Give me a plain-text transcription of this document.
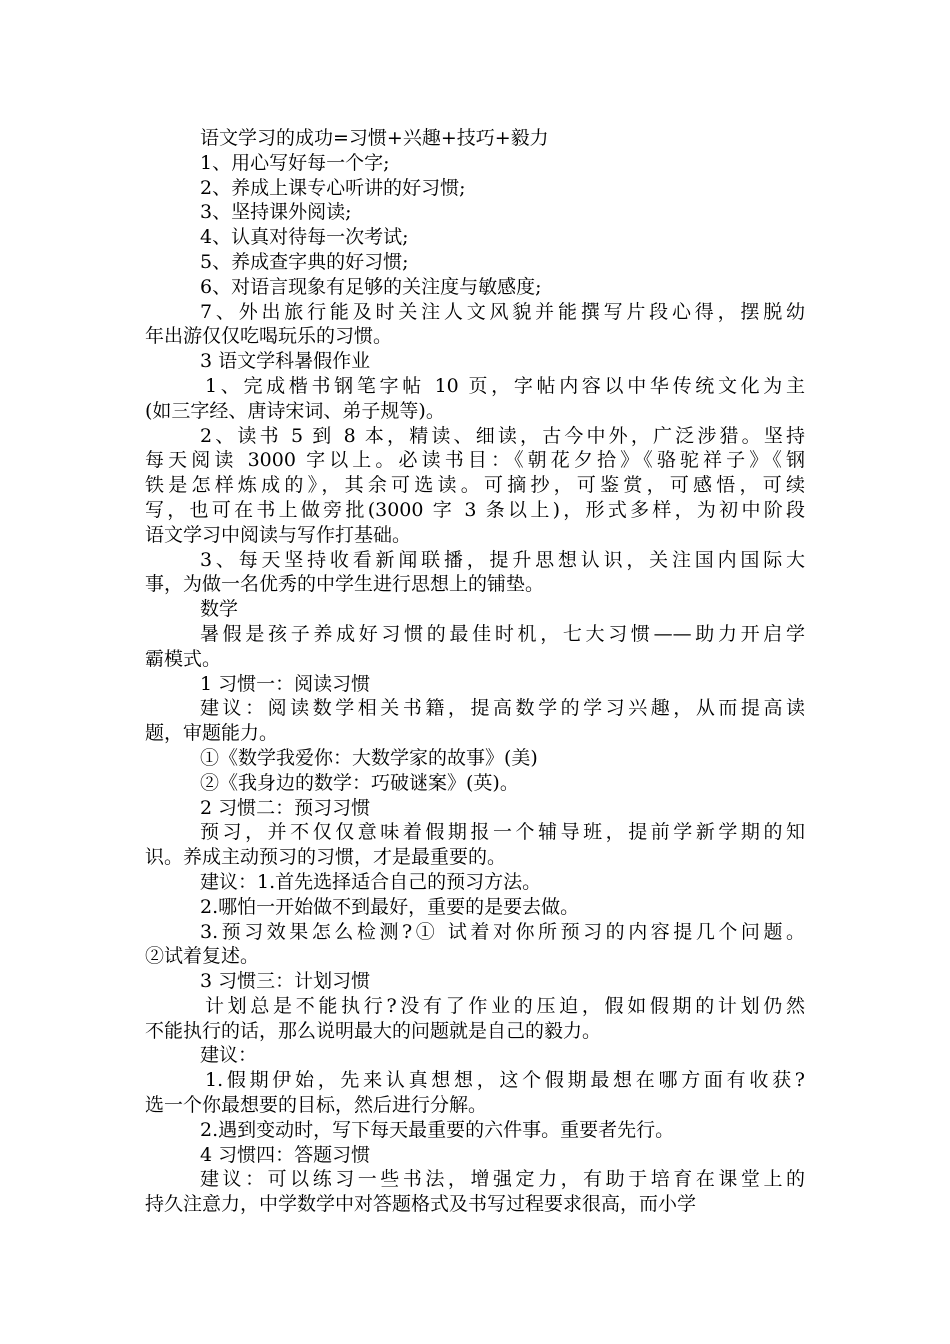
语文学习的成功=习惯+兴趣+技巧+毅力
1、用心写好每一个字;
2、养成上课专心听讲的好习惯;
3、坚持课外阅读;
4、认真对待每一次考试;
5、养成查字典的好习惯;
6、对语言现象有足够的关注度与敏感度;
7、外出旅行能及时关注人文风貌并能撰写片段心得，摆脱幼
年出游仅仅吃喝玩乐的习惯。
3 语文学科暑假作业
1、完成楷书钢笔字帖 10 页，字帖内容以中华传统文化为主
(如三字经、唐诗宋词、弟子规等)。
2、读书 5 到 8 本，精读、细读，古今中外，广泛涉猎。坚持
每天阅读 3000 字以上。必读书目：《朝花夕拾》《骆驼祥子》《钢
铁是怎样炼成的》，其余可选读。可摘抄，可鉴赏，可感悟，可续
写，也可在书上做旁批(3000 字 3 条以上)，形式多样，为初中阶段
语文学习中阅读与写作打基础。
3、每天坚持收看新闻联播，提升思想认识，关注国内国际大
事，为做一名优秀的中学生进行思想上的铺垫。
数学
暑假是孩子养成好习惯的最佳时机，七大习惯——助力开启学
霸模式。
1 习惯一：阅读习惯
建议：阅读数学相关书籍，提高数学的学习兴趣，从而提高读
题，审题能力。
①《数学我爱你：大数学家的故事》(美)
②《我身边的数学：巧破谜案》(英)。
2 习惯二：预习习惯
预习，并不仅仅意味着假期报一个辅导班，提前学新学期的知
识。养成主动预习的习惯，才是最重要的。
建议：1.首先选择适合自己的预习方法。
2.哪怕一开始做不到最好，重要的是要去做。
3.预习效果怎么检测?① 试着对你所预习的内容提几个问题。
②试着复述。
3 习惯三：计划习惯
计划总是不能执行?没有了作业的压迫，假如假期的计划仍然
不能执行的话，那么说明最大的问题就是自己的毅力。
建议：
1.假期伊始，先来认真想想，这个假期最想在哪方面有收获?
选一个你最想要的目标，然后进行分解。
2.遇到变动时，写下每天最重要的六件事。重要者先行。
4 习惯四：答题习惯
建议：可以练习一些书法，增强定力，有助于培育在课堂上的
持久注意力，中学数学中对答题格式及书写过程要求很高，而小学
